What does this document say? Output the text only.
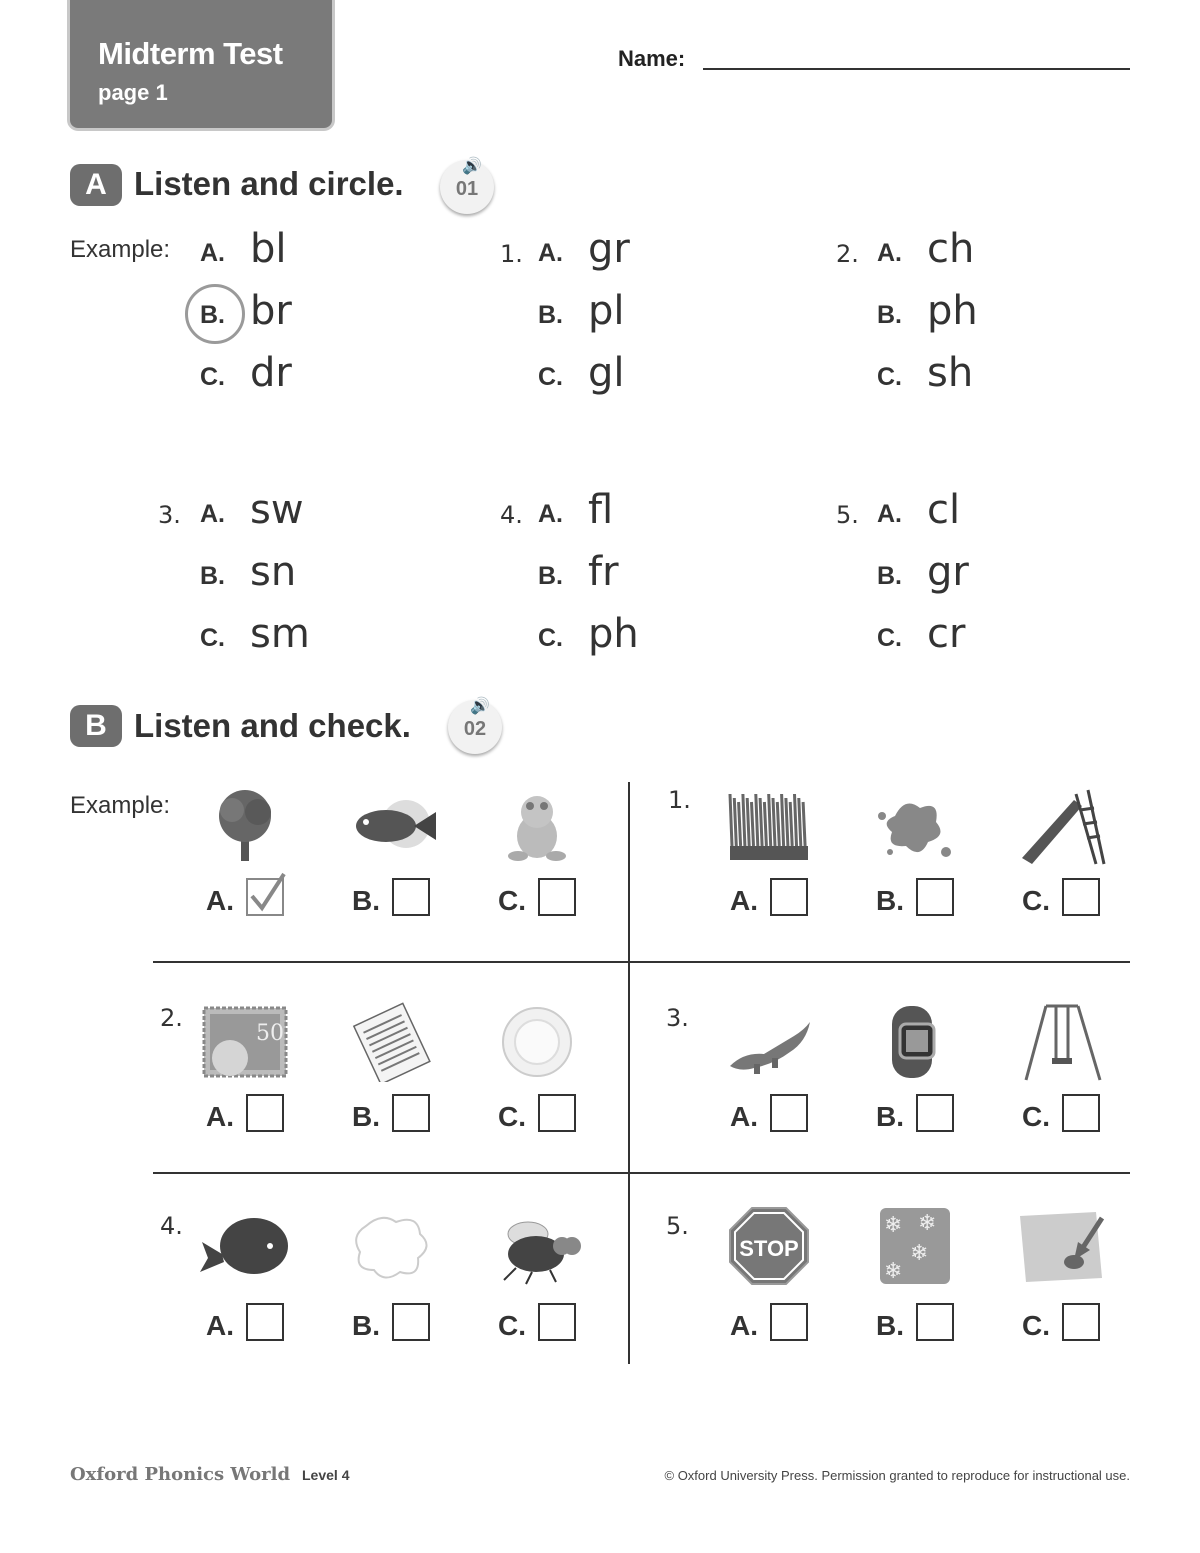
Midterm Test
page 1
Name:
A Listen and circle.	🔊
01
Example: A. bl
B. br
C. dr
1. A. gr
B. pl
C. gl
2. A. ch
B. ph
C. sh
3. A. sw
B. sn
C. sm
4. A. fl
B. fr
C. ph
5. A. cl
B. gr
C. cr
B Listen and check.
🔊
02
Example:
A.	B.	C.
1.
A.	B.	C.
2.
50
A.	B.	C.
3.
A.	B.	C.
4.
A.	B.	C.
5.
STOP
❄ ❄
❄
❄
A.	B.	C.
Oxford Phonics World Level 4	© Oxford University Press. Permission granted to reproduce for instructional use.
